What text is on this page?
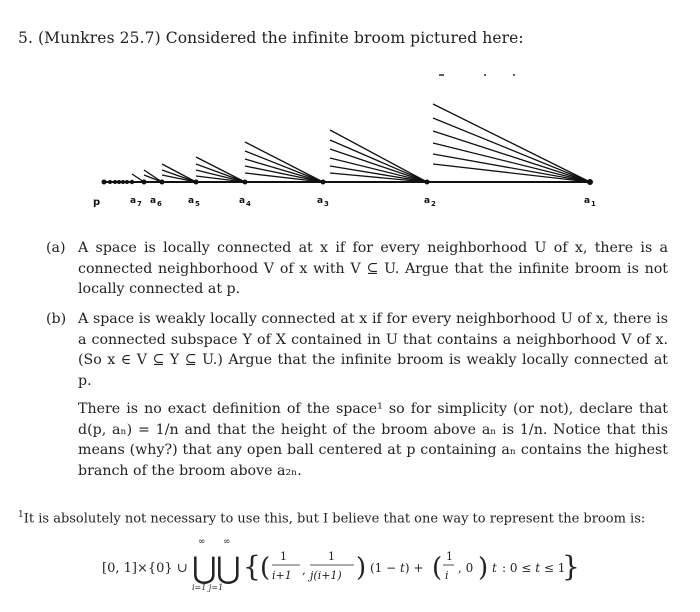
5. (Munkres 25.7) Considered the infinite broom pictured here:
p	a 7 a 6	a 5	a 4	a 3	a 2	a 1
(a) A space is locally connected at x if for every neighborhood U of x, there is a connected neighborhood V of x with V ⊆ U. Argue that the infinite broom is not locally connected at p.
(b) A space is weakly locally connected at x if for every neighborhood U of x, there is a connected subspace Y of X contained in U that contains a neighborhood V of x. (So x ∈ V ⊆ Y ⊆ U.) Argue that the infinite broom is weakly locally connected at p.
There is no exact definition of the space¹ so for simplicity (or not), declare that d(p, aₙ) = 1/n and that the height of the broom above aₙ is 1/n. Notice that this means (why?) that any open ball centered at p containing aₙ contains the highest branch of the broom above a₂ₙ.
$^1$It is absolutely not necessary to use this, but I believe that one way to represent the broom is:
[0, 1]×{0} ∪ ⋃ ⋃
∞ ∞
i=1 j=1
{ ( 1
i+1 ,
1
j(i+1) ) (1 − t) + ( 1
i
, 0 ) t : 0 ≤ t ≤ 1
}
